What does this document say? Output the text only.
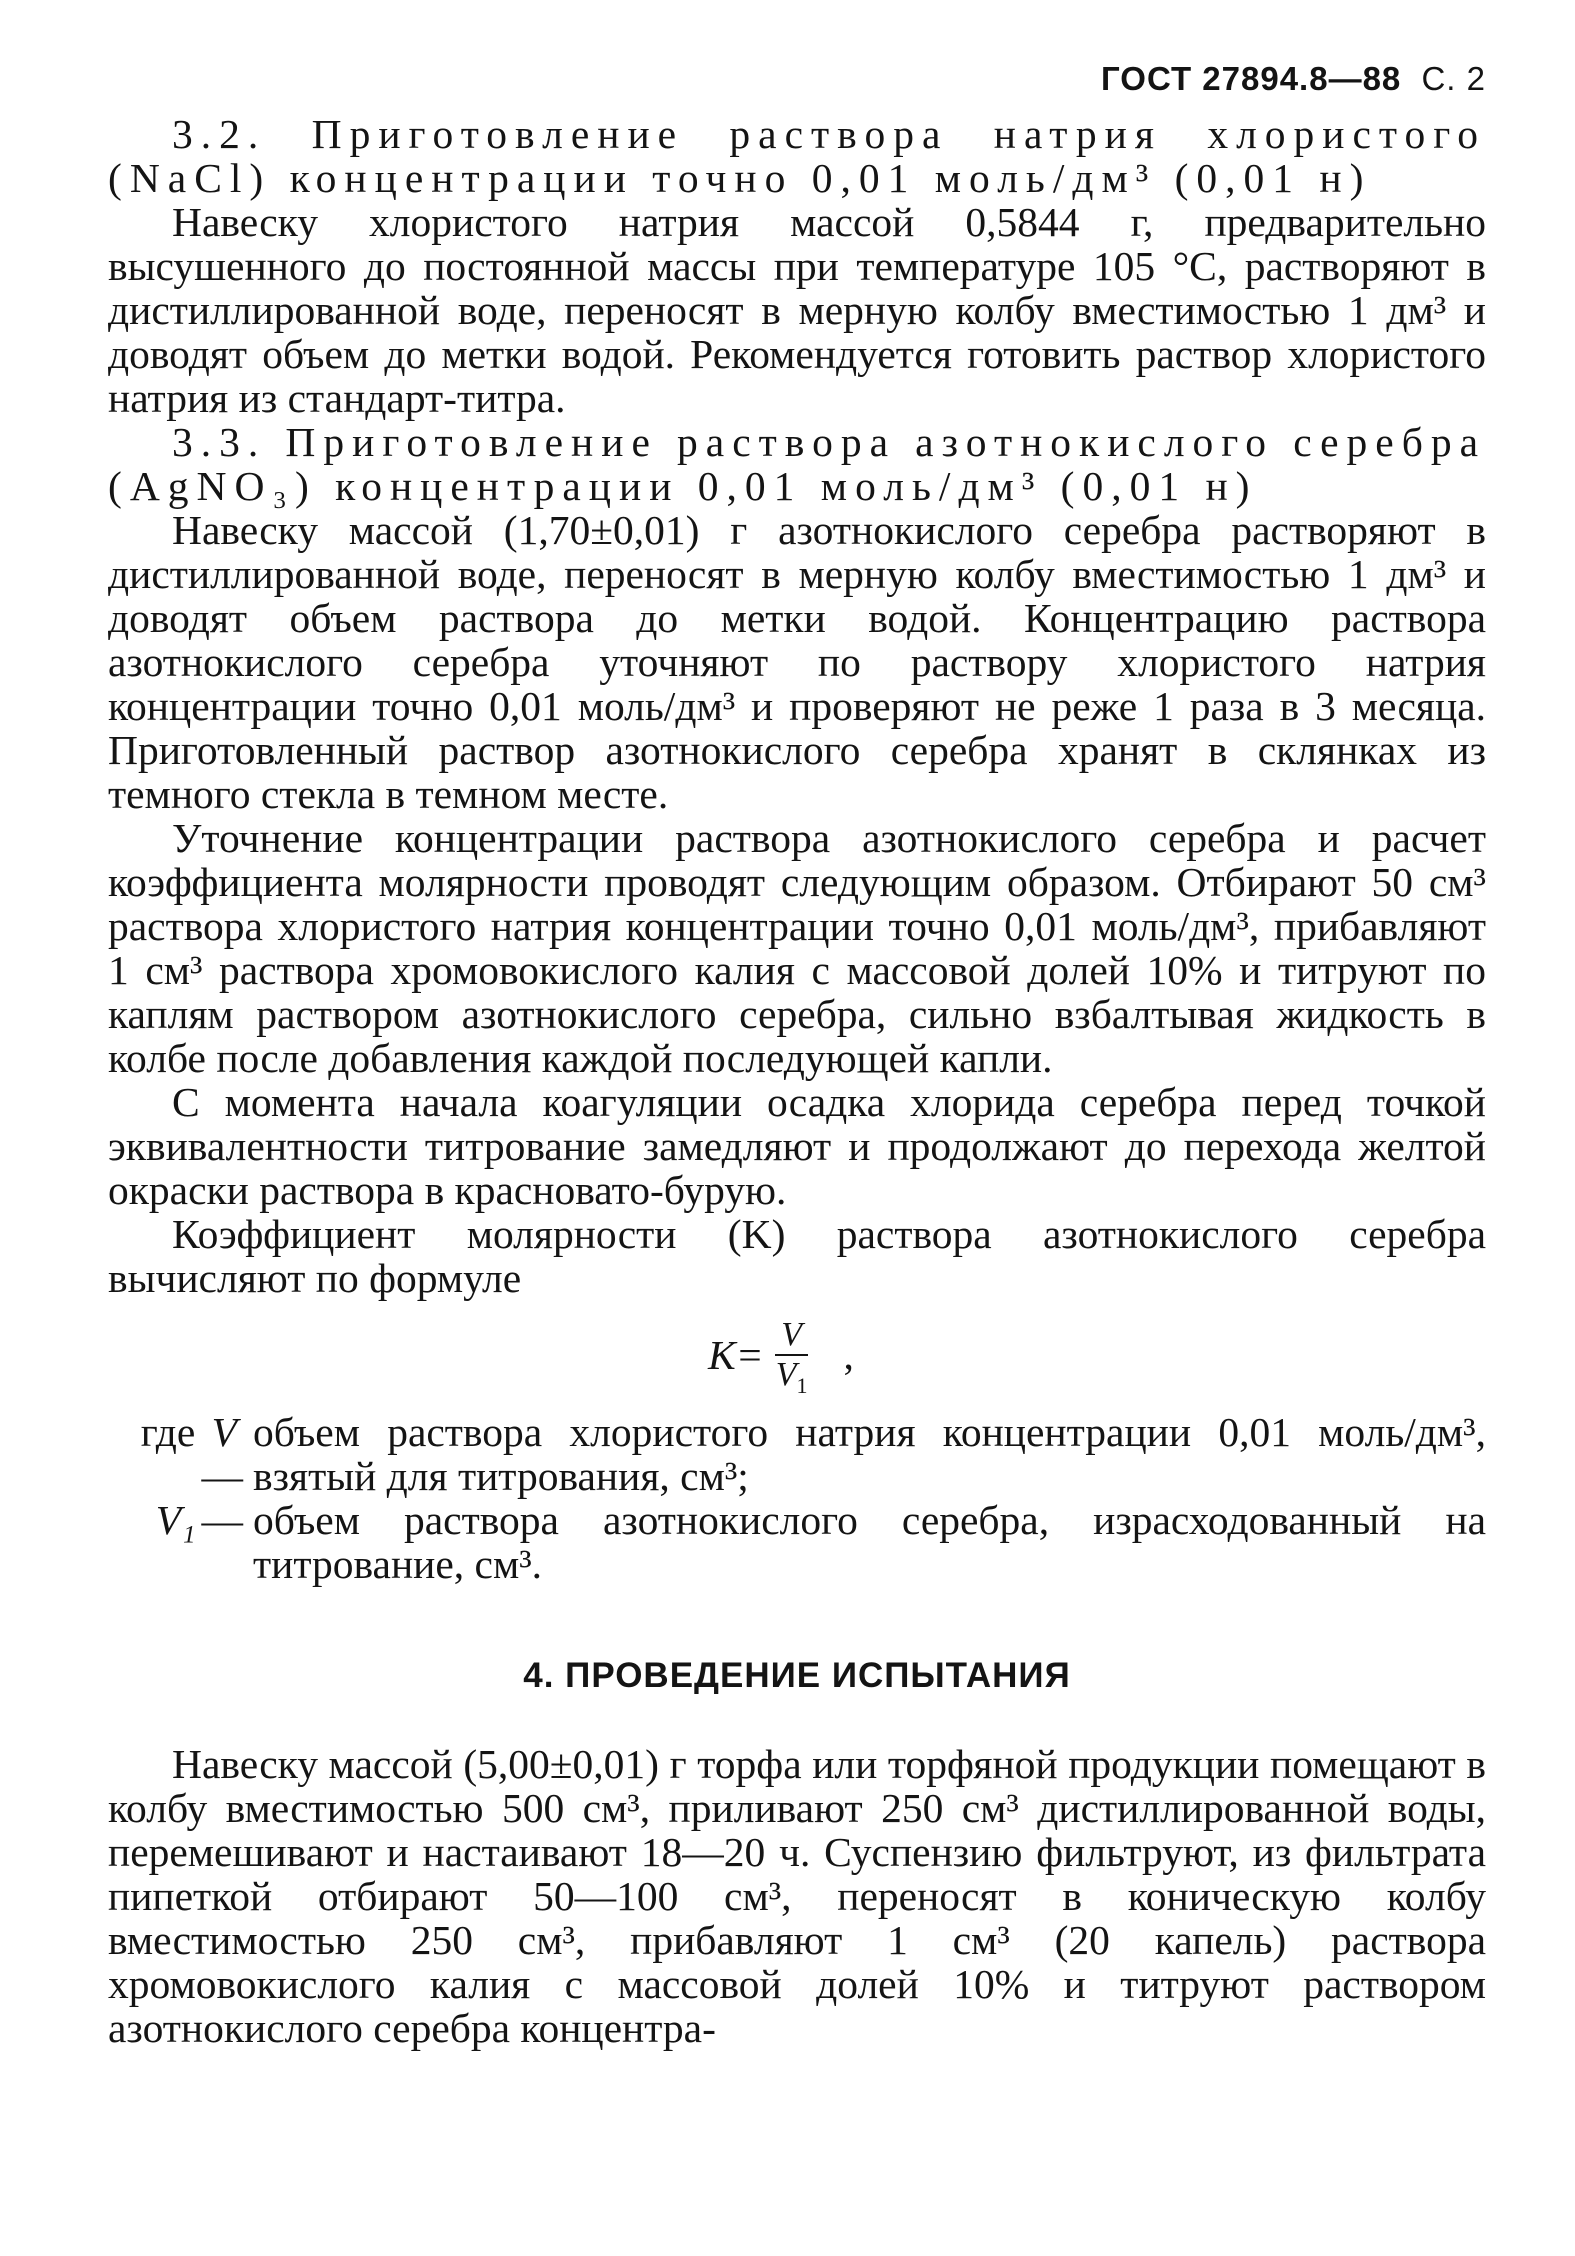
ГОСТ 27894.8—88 С. 2

3.2. Приготовление раствора натрия хлористого (NaCl) концентрации точно 0,01 моль/дм³ (0,01 н)

Навеску хлористого натрия массой 0,5844 г, предварительно высушенного до постоянной массы при температуре 105 °С, растворяют в дистиллированной воде, переносят в мерную колбу вместимостью 1 дм³ и доводят объем до метки водой. Рекомендуется готовить раствор хлористого натрия из стандарт-титра.

3.3. Приготовление раствора азотнокислого серебра (AgNO₃) концентрации 0,01 моль/дм³ (0,01 н)

Навеску массой (1,70±0,01) г азотнокислого серебра растворяют в дистиллированной воде, переносят в мерную колбу вместимостью 1 дм³ и доводят объем раствора до метки водой. Концентрацию раствора азотнокислого серебра уточняют по раствору хлористого натрия концентрации точно 0,01 моль/дм³ и проверяют не реже 1 раза в 3 месяца. Приготовленный раствор азотнокислого серебра хранят в склянках из темного стекла в темном месте.

Уточнение концентрации раствора азотнокислого серебра и расчет коэффициента молярности проводят следующим образом. Отбирают 50 см³ раствора хлористого натрия концентрации точно 0,01 моль/дм³, прибавляют 1 см³ раствора хромовокислого калия с массовой долей 10% и титруют по каплям раствором азотнокислого серебра, сильно взбалтывая жидкость в колбе после добавления каждой последующей капли.

С момента начала коагуляции осадка хлорида серебра перед точкой эквивалентности титрование замедляют и продолжают до перехода желтой окраски раствора в красновато-бурую.

Коэффициент молярности (K) раствора азотнокислого серебра вычисляют по формуле

$K= \frac{V}{V_1}$ ,
где V—
объем раствора хлористого натрия концентрации 0,01 моль/дм³, взятый для титрования, см³;
V₁ — объем раствора азотнокислого серебра, израсходованный на титрование, см³.
4. ПРОВЕДЕНИЕ ИСПЫТАНИЯ

Навеску массой (5,00±0,01) г торфа или торфяной продукции помещают в колбу вместимостью 500 см³, приливают 250 см³ дистиллированной воды, перемешивают и настаивают 18—20 ч. Суспензию фильтруют, из фильтрата пипеткой отбирают 50—100 см³, переносят в коническую колбу вместимостью 250 см³, прибавляют 1 см³ (20 капель) раствора хромовокислого калия с массовой долей 10% и титруют раствором азотнокислого серебра концентра-
